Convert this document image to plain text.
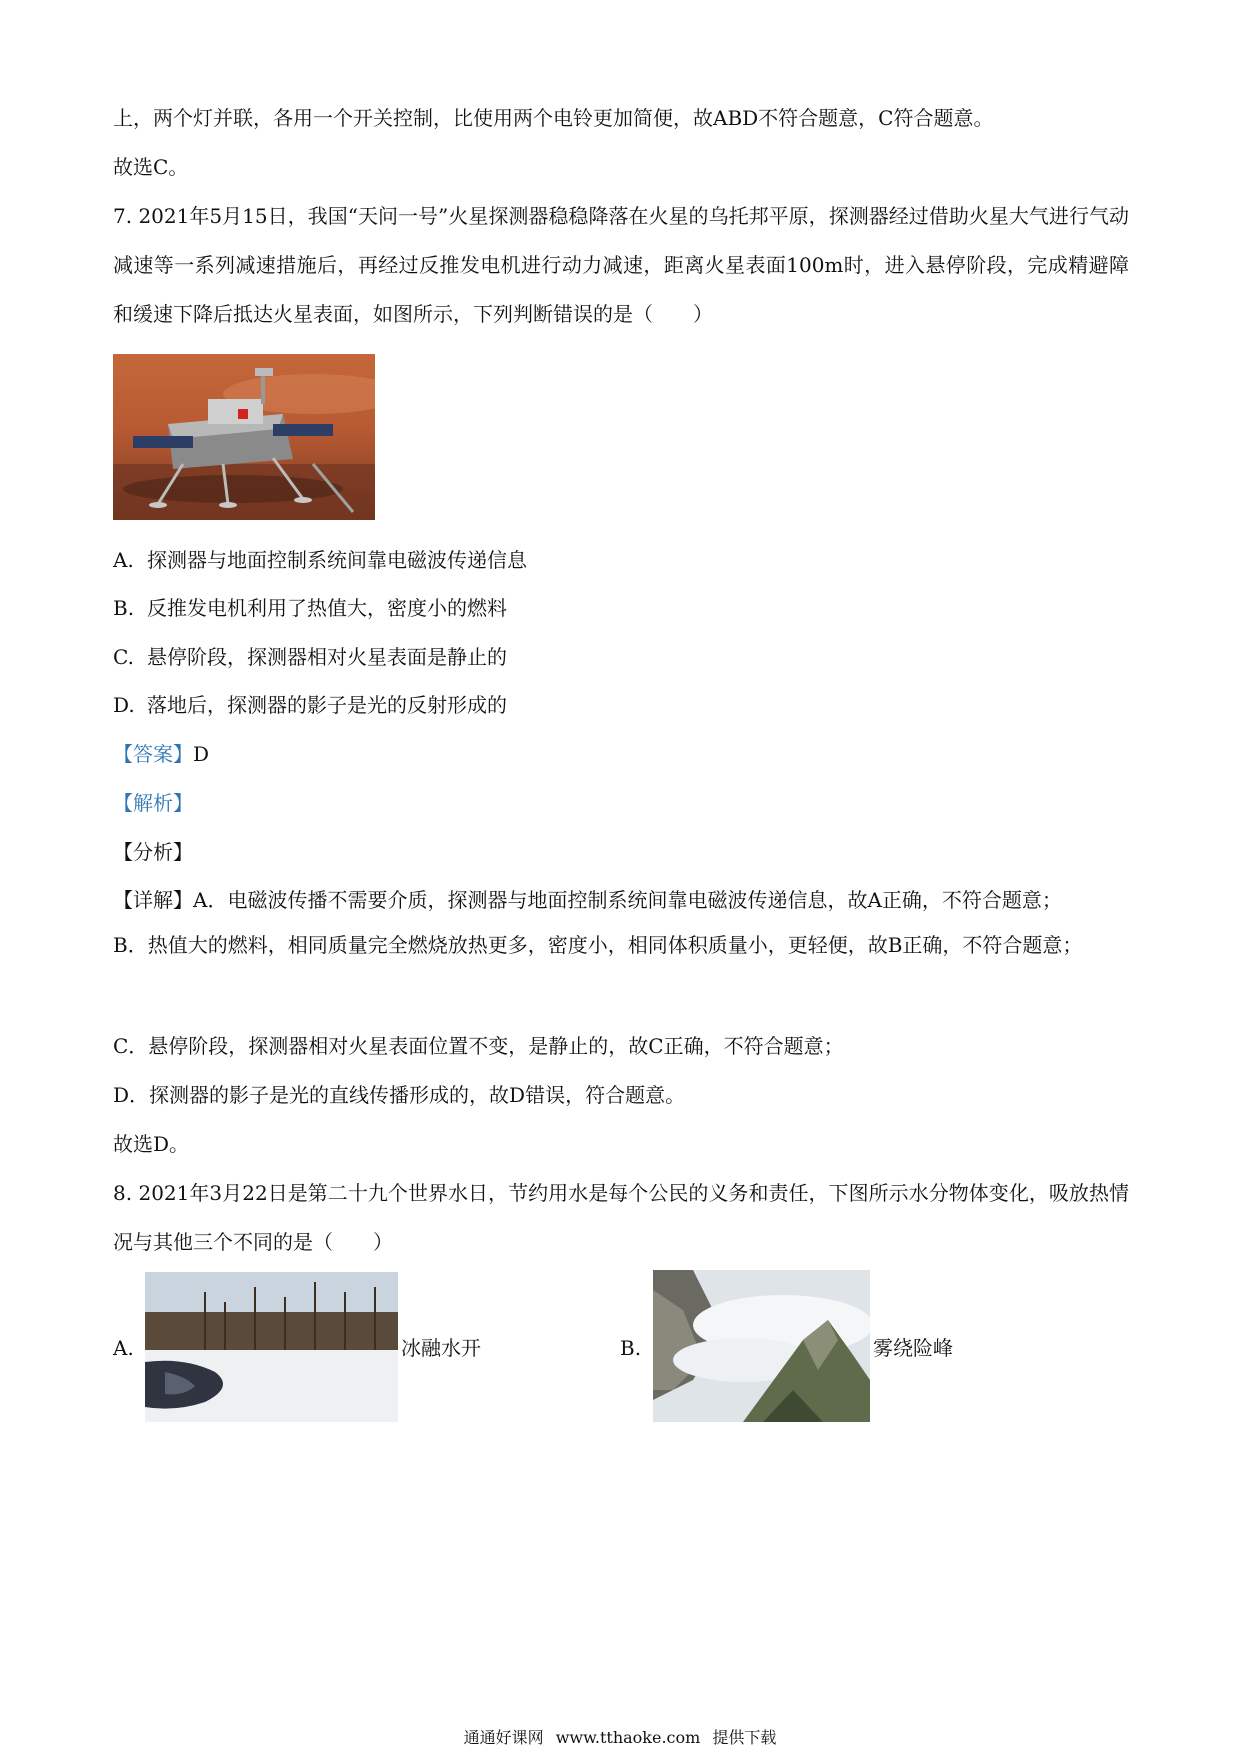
上，两个灯并联，各用一个开关控制，比使用两个电铃更加简便，故ABD不符合题意，C符合题意。
故选C。
7. 2021年5月15日，我国“天问一号”火星探测器稳稳降落在火星的乌托邦平原，探测器经过借助火星大气进行气动减速等一系列减速措施后，再经过反推发电机进行动力减速，距离火星表面100m时，进入悬停阶段，完成精避障和缓速下降后抵达火星表面，如图所示，下列判断错误的是（　　）
A. 探测器与地面控制系统间靠电磁波传递信息
B. 反推发电机利用了热值大，密度小的燃料
C. 悬停阶段，探测器相对火星表面是静止的
D. 落地后，探测器的影子是光的反射形成的
【答案】D
【解析】
【分析】
【详解】A．电磁波传播不需要介质，探测器与地面控制系统间靠电磁波传递信息，故A正确，不符合题意；
B．热值大的燃料，相同质量完全燃烧放热更多，密度小，相同体积质量小，更轻便，故B正确，不符合题意；
C．悬停阶段，探测器相对火星表面位置不变，是静止的，故C正确，不符合题意；
D．探测器的影子是光的直线传播形成的，故D错误，符合题意。
故选D。
8. 2021年3月22日是第二十九个世界水日，节约用水是每个公民的义务和责任，下图所示水分物体变化，吸放热情况与其他三个不同的是（　　）
A.	冰融水开	B.	雾绕险峰
通通好课网 www.tthaoke.com 提供下载
